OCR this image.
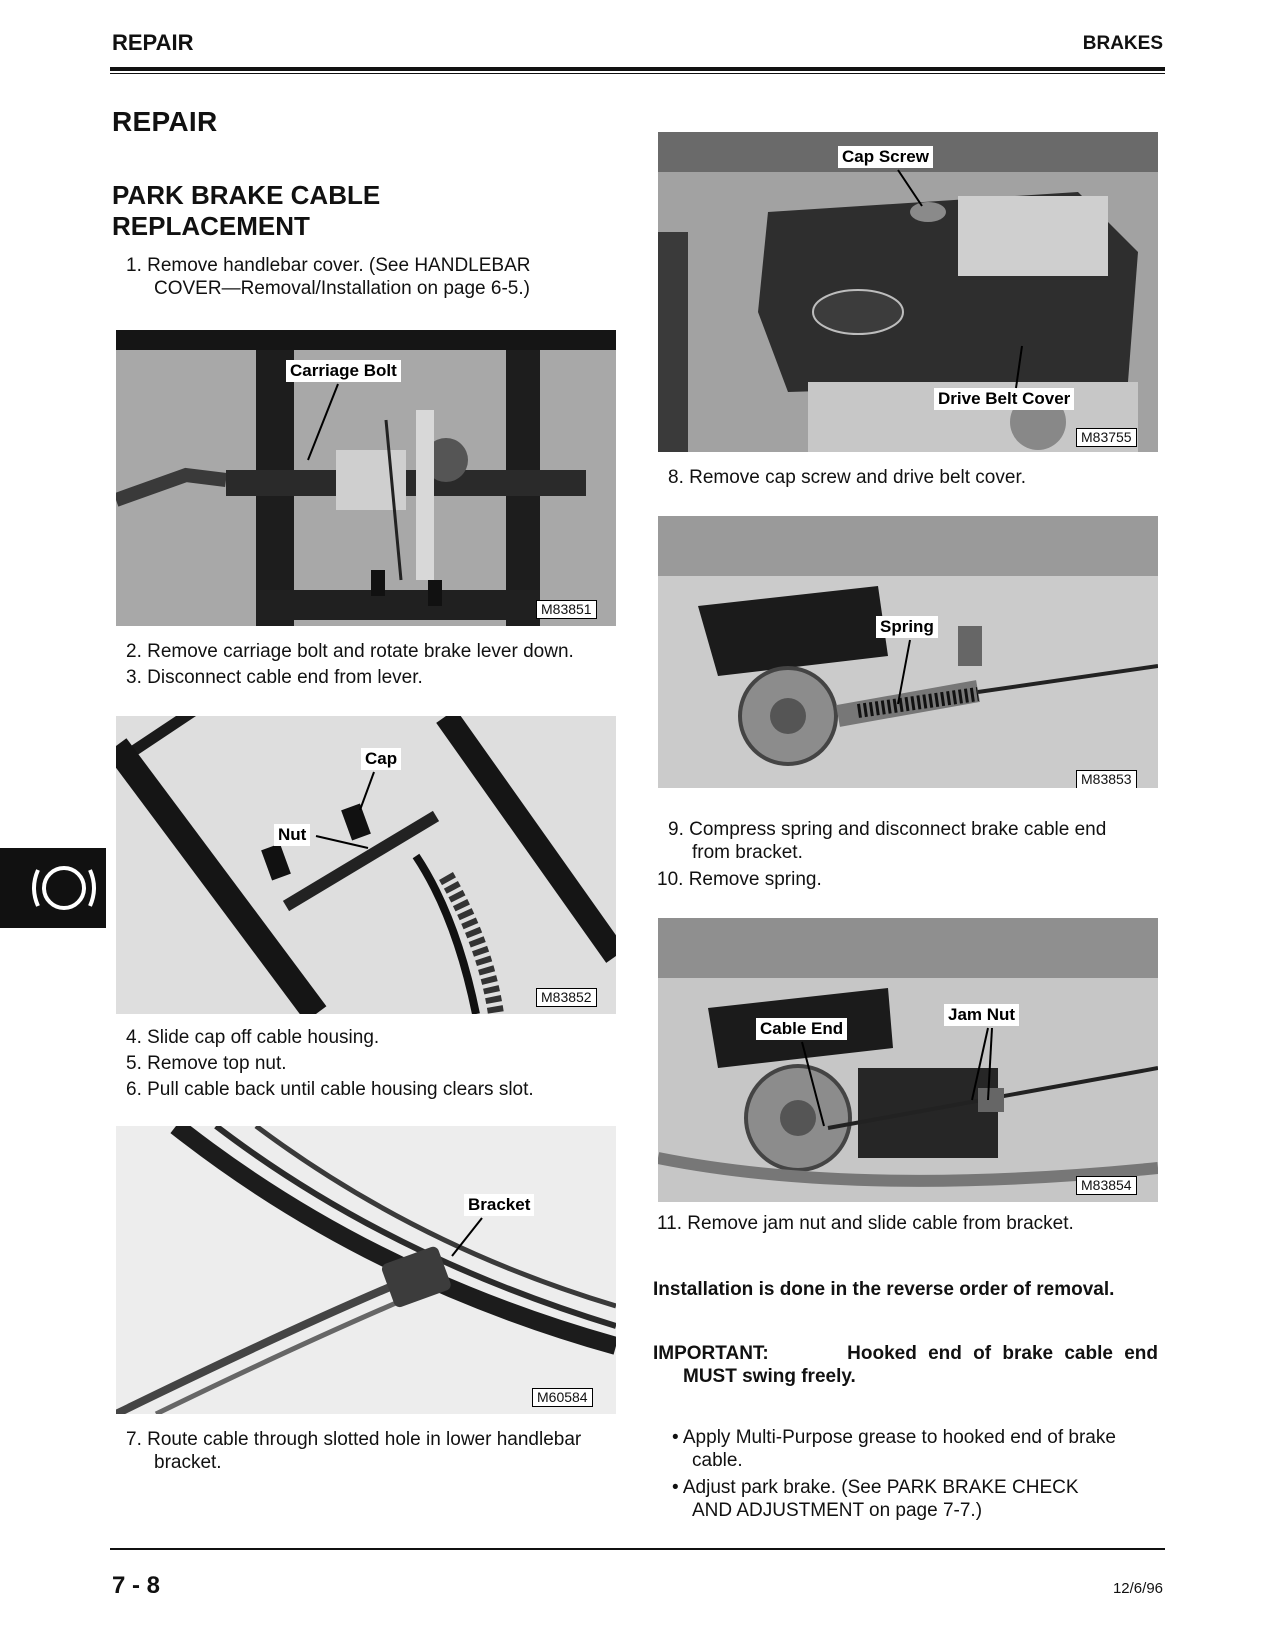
REPAIR	BRAKES
REPAIR
PARK BRAKE CABLE
REPLACEMENT
1. Remove handlebar cover. (See HANDLEBAR
COVER—Removal/Installation on page 6-5.)
Carriage Bolt
M83851
2. Remove carriage bolt and rotate brake lever down.
3. Disconnect cable end from lever.
Cap
Nut
M83852
4. Slide cap off cable housing.
5. Remove top nut.
6. Pull cable back until cable housing clears slot.
Bracket
M60584
7. Route cable through slotted hole in lower handlebar
bracket.
Cap Screw
Drive Belt Cover
M83755
8. Remove cap screw and drive belt cover.
Spring
M83853
9. Compress spring and disconnect brake cable end
from bracket.
10. Remove spring.
Cable End
Jam Nut
M83854
11. Remove jam nut and slide cable from bracket.
Installation is done in the reverse order of removal.
IMPORTANT:	Hooked end of brake cable end
MUST swing freely.
• Apply Multi-Purpose grease to hooked end of brake
cable.
• Adjust park brake. (See PARK BRAKE CHECK
AND ADJUSTMENT on page 7-7.)
7 - 8	12/6/96
